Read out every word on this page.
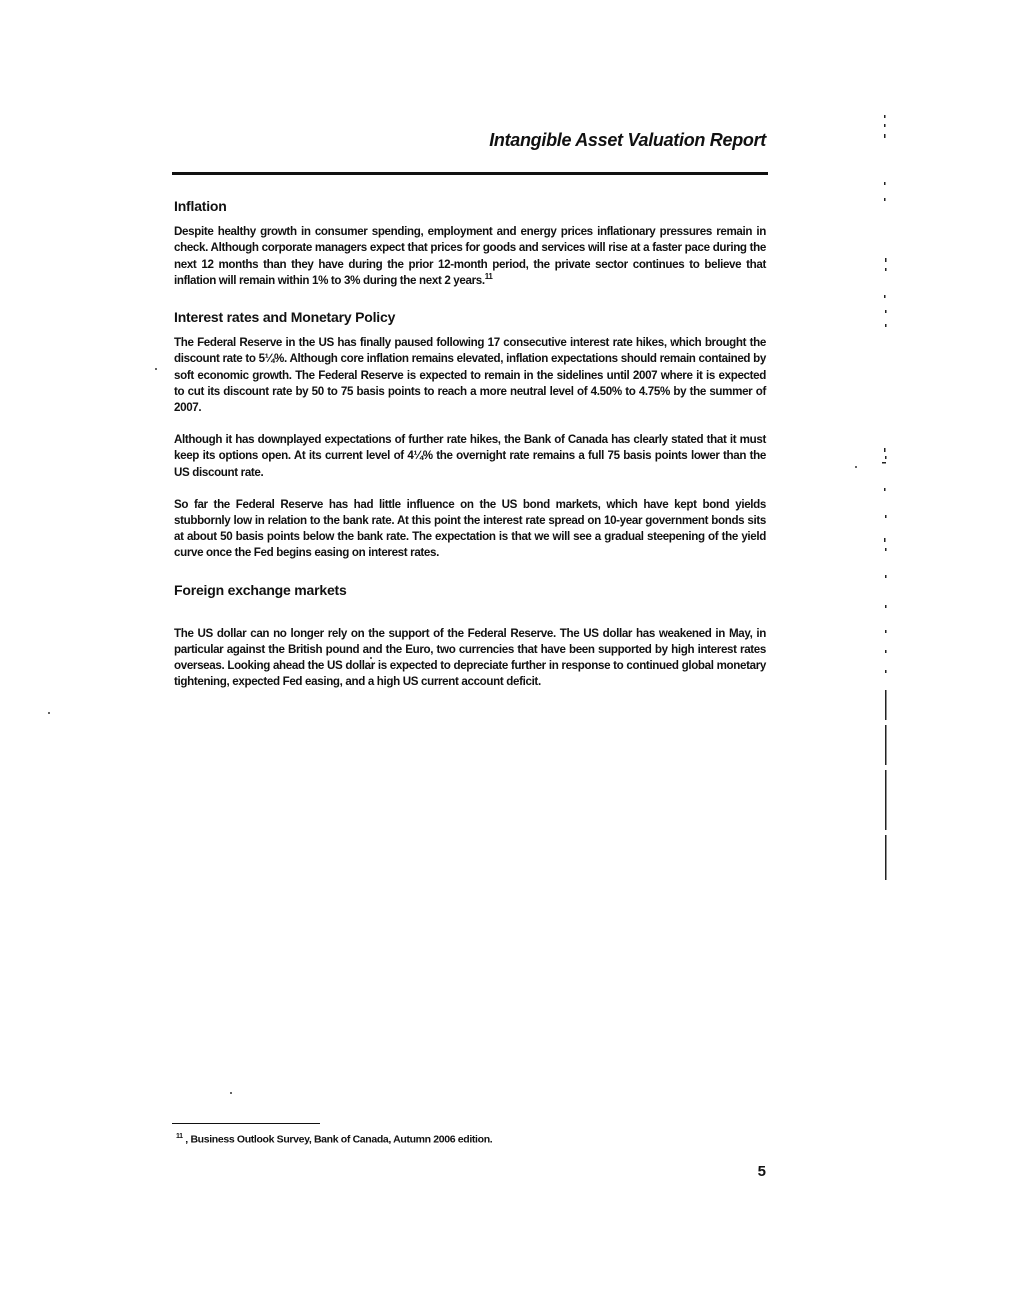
Intangible Asset Valuation Report
Inflation
Despite healthy growth in consumer spending, employment and energy prices inflationary pressures remain in check. Although corporate managers expect that prices for goods and services will rise at a faster pace during the next 12 months than they have during the prior 12-month period, the private sector continues to believe that inflation will remain within 1% to 3% during the next 2 years.$^{11}$
Interest rates and Monetary Policy
The Federal Reserve in the US has finally paused following 17 consecutive interest rate hikes, which brought the discount rate to 5¼%. Although core inflation remains elevated, inflation expectations should remain contained by soft economic growth. The Federal Reserve is expected to remain in the sidelines until 2007 where it is expected to cut its discount rate by 50 to 75 basis points to reach a more neutral level of 4.50% to 4.75% by the summer of 2007.
Although it has downplayed expectations of further rate hikes, the Bank of Canada has clearly stated that it must keep its options open. At its current level of 4¼% the overnight rate remains a full 75 basis points lower than the US discount rate.
So far the Federal Reserve has had little influence on the US bond markets, which have kept bond yields stubbornly low in relation to the bank rate. At this point the interest rate spread on 10-year government bonds sits at about 50 basis points below the bank rate. The expectation is that we will see a gradual steepening of the yield curve once the Fed begins easing on interest rates.
Foreign exchange markets
The US dollar can no longer rely on the support of the Federal Reserve. The US dollar has weakened in May, in particular against the British pound and the Euro, two currencies that have been supported by high interest rates overseas. Looking ahead the US dollar is expected to depreciate further in response to continued global monetary tightening, expected Fed easing, and a high US current account deficit.
$^{11}$ , Business Outlook Survey, Bank of Canada, Autumn 2006 edition.
5
